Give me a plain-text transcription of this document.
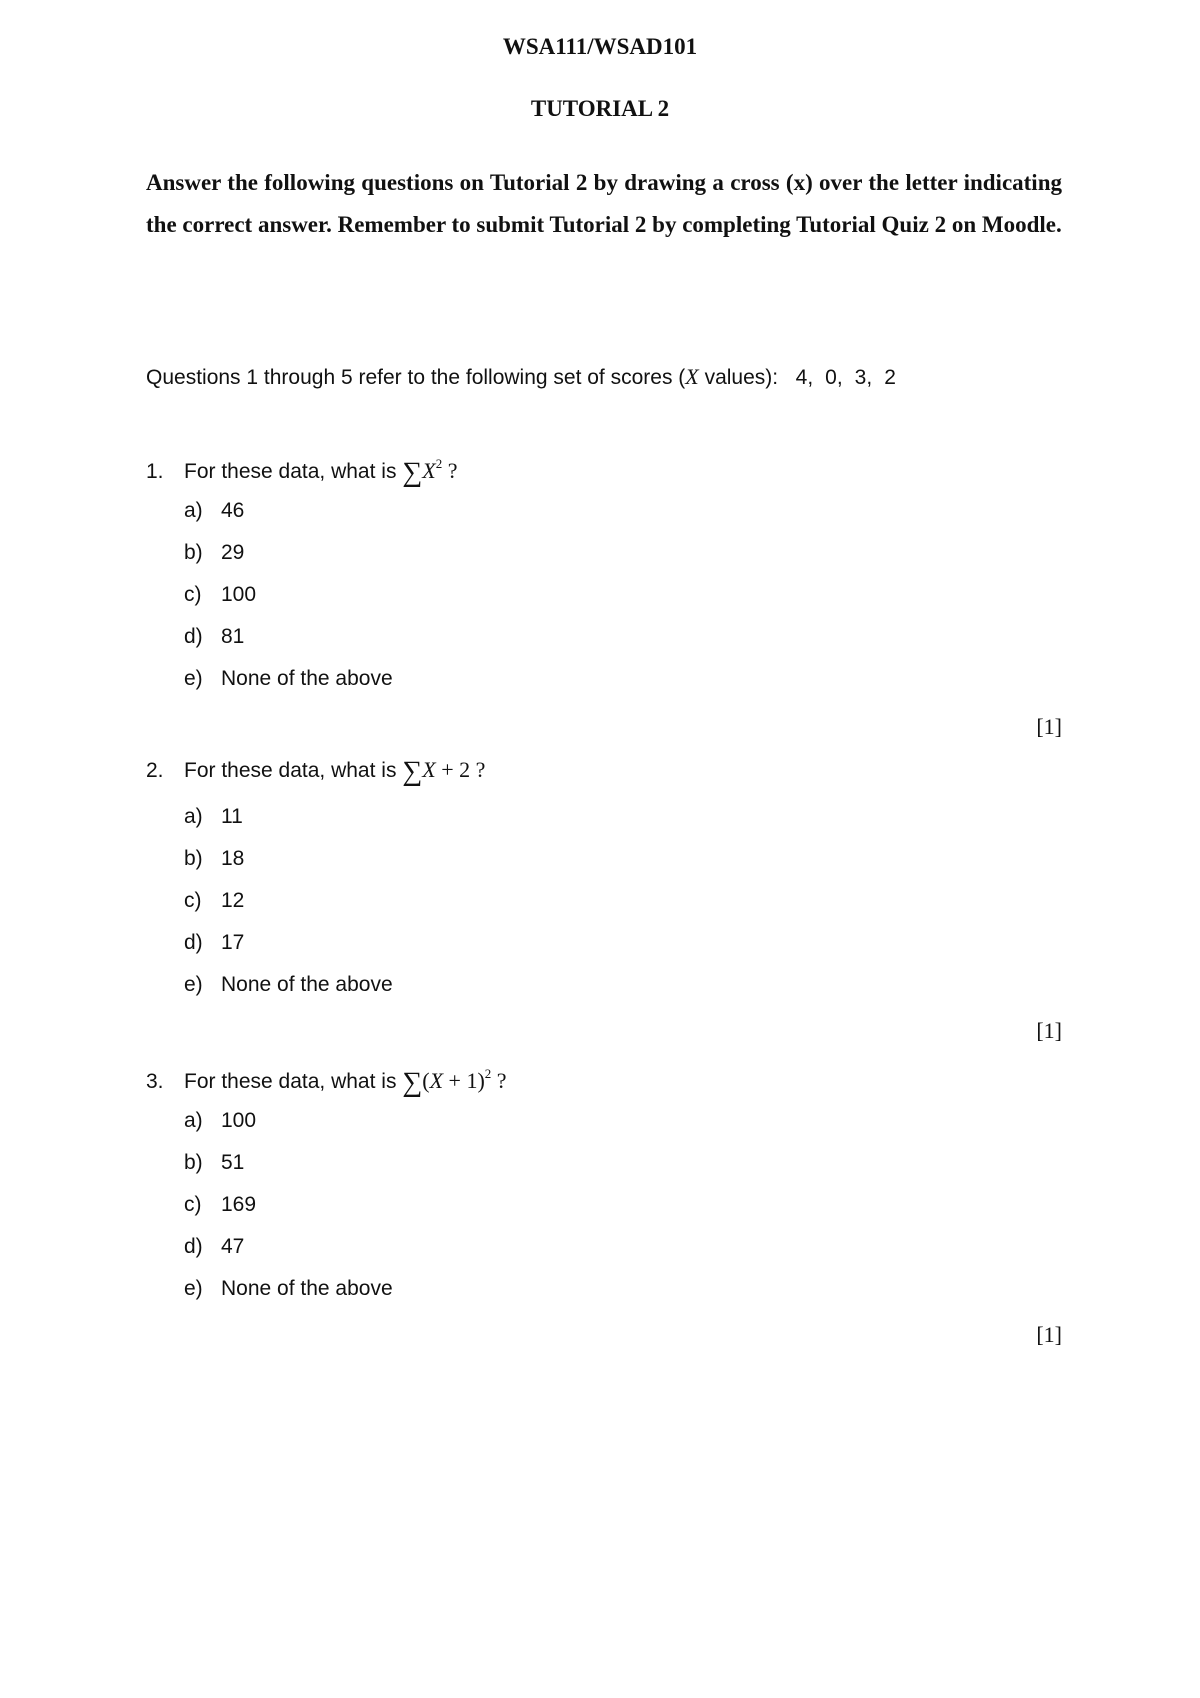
WSA111/WSAD101
TUTORIAL 2
Answer the following questions on Tutorial 2 by drawing a cross (x) over the letter indicating the correct answer. Remember to submit Tutorial 2 by completing Tutorial Quiz 2 on Moodle.
Questions 1 through 5 refer to the following set of scores (X values): 4, 0, 3, 2
1. For these data, what is $\sum X^2$ ?
a) 46
b) 29
c) 100
d) 81
e) None of the above
[1]
2. For these data, what is ∑X + 2 ?
a) 11
b) 18
c) 12
d) 17
e) None of the above
[1]
3. For these data, what is $\sum(X + 1)^2$ ?
a) 100
b) 51
c) 169
d) 47
e) None of the above
[1]
